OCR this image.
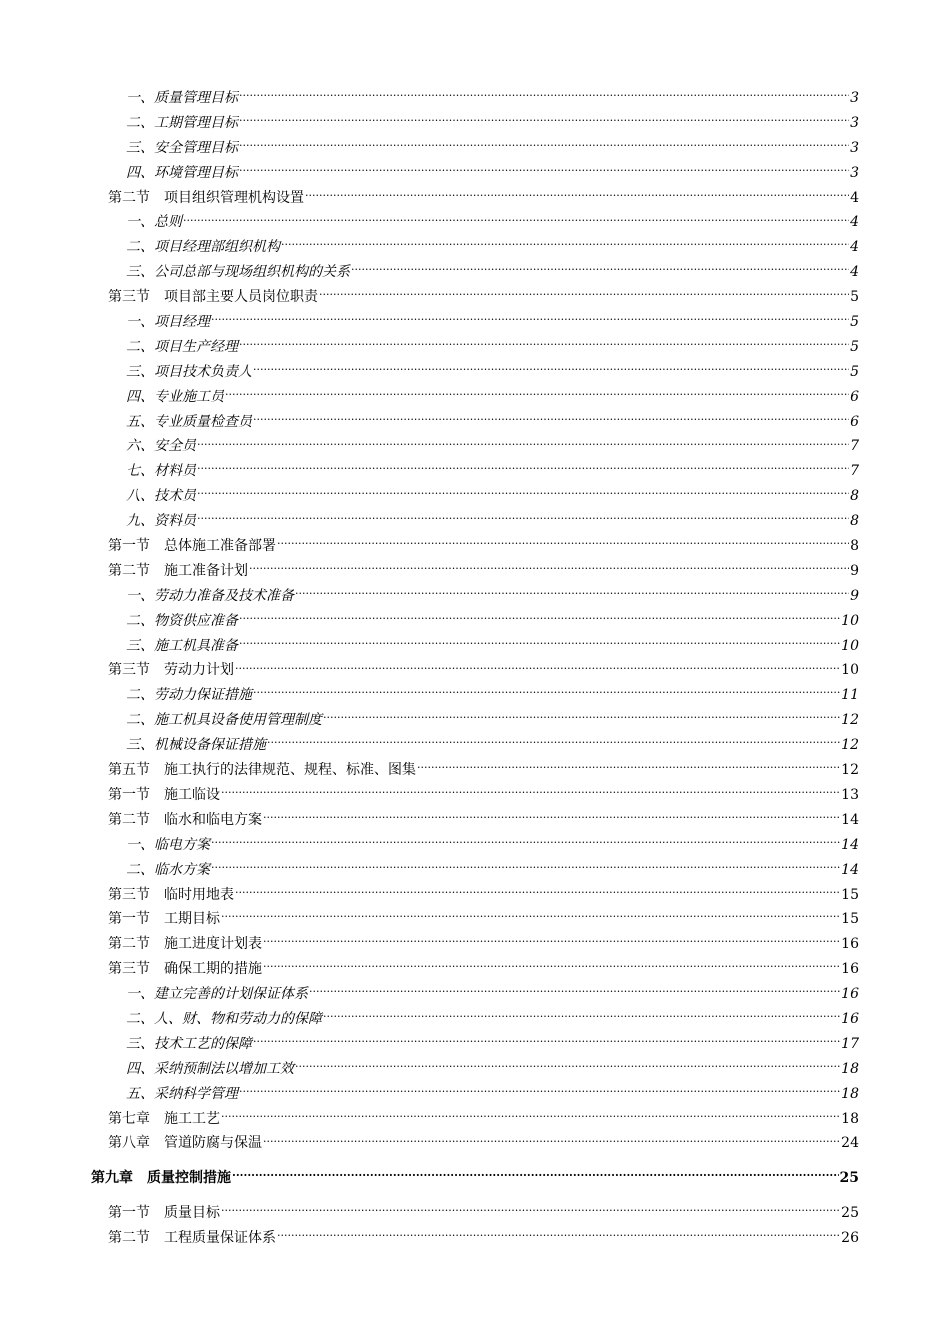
一、质量管理目标 .....	3
二、工期管理目标 .....	3
三、安全管理目标 .....	3
四、环境管理目标 .....	3
第二节 项目组织管理机构设置 .....	4
一、总则 .....	4
二、项目经理部组织机构 .....	4
三、公司总部与现场组织机构的关系 .....	4
第三节 项目部主要人员岗位职责 .....	5
一、项目经理 .....	5
二、项目生产经理 .....	5
三、项目技术负责人 .....	5
四、专业施工员 .....	6
五、专业质量检查员 .....	6
六、安全员 .....	7
七、材料员 .....	7
八、技术员 .....	8
九、资料员 .....	8
第一节 总体施工准备部署 .....	8
第二节 施工准备计划 .....	9
一、劳动力准备及技术准备 .....	9
二、物资供应准备 .....	10
三、施工机具准备 .....	10
第三节 劳动力计划 .....	10
二、劳动力保证措施 .....	11
二、施工机具设备使用管理制度 .....	12
三、机械设备保证措施 .....	12
第五节 施工执行的法律规范、规程、标准、图集 .....	12
第一节 施工临设 .....	13
第二节 临水和临电方案 .....	14
一、临电方案 .....	14
二、临水方案 .....	14
第三节 临时用地表 .....	15
第一节 工期目标 .....	15
第二节 施工进度计划表 .....	16
第三节 确保工期的措施 .....	16
一、建立完善的计划保证体系 .....	16
二、人、财、物和劳动力的保障 .....	16
三、技术工艺的保障 .....	17
四、采纳预制法以增加工效 .....	18
五、采纳科学管理 .....	18
第七章 施工工艺 .....	18
第八章 管道防腐与保温 .....	24
第九章 质量控制措施 .....	25
第一节 质量目标 .....	25
第二节 工程质量保证体系 .....	26
